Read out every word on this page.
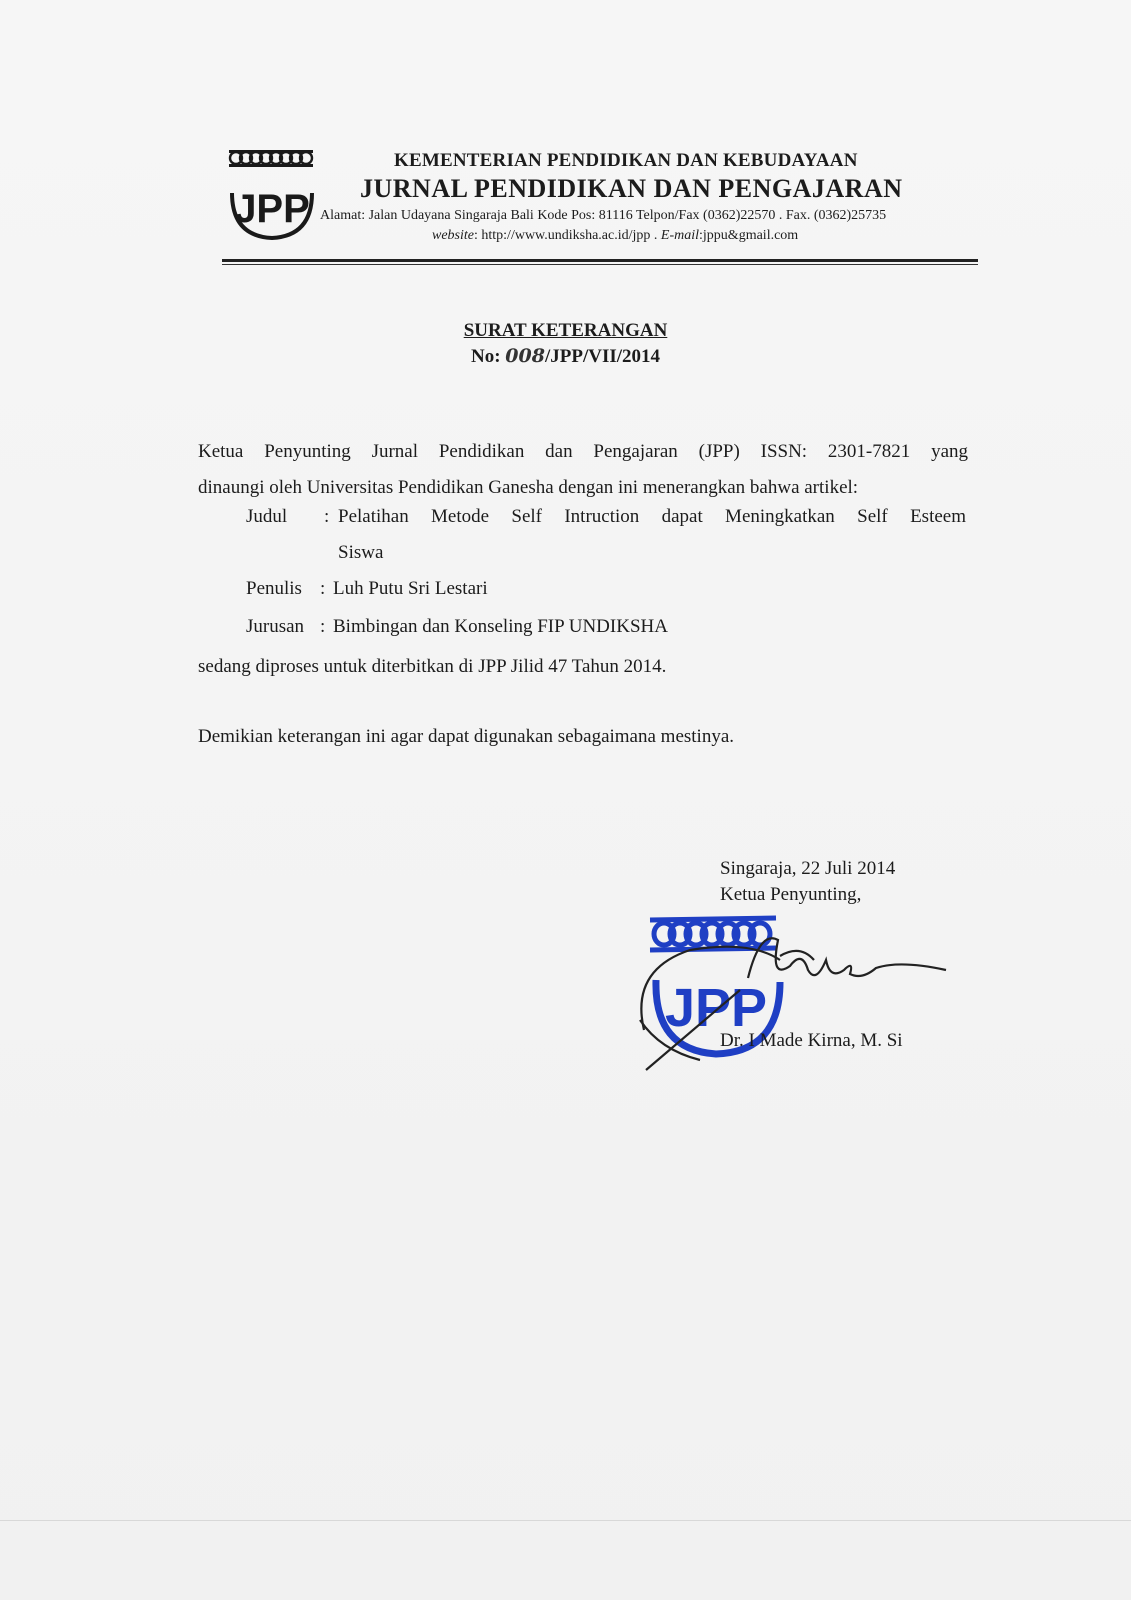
JPP
KEMENTERIAN PENDIDIKAN DAN KEBUDAYAAN
JURNAL PENDIDIKAN DAN PENGAJARAN
Alamat: Jalan Udayana Singaraja Bali Kode Pos: 81116 Telpon/Fax (0362)22570 . Fax. (0362)25735
website: http://www.undiksha.ac.id/jpp . E-mail:jppu&gmail.com
SURAT KETERANGAN
No: 008/JPP/VII/2014
Ketua Penyunting Jurnal Pendidikan dan Pengajaran (JPP) ISSN: 2301-7821 yang
dinaungi oleh Universitas Pendidikan Ganesha dengan ini menerangkan bahwa artikel:
Judul : Pelatihan Metode Self Intruction dapat Meningkatkan Self Esteem
Siswa
Penulis : Luh Putu Sri Lestari
Jurusan : Bimbingan dan Konseling FIP UNDIKSHA
sedang diproses untuk diterbitkan di JPP Jilid 47 Tahun 2014.
Demikian keterangan ini agar dapat digunakan sebagaimana mestinya.
Singaraja, 22 Juli 2014
Ketua Penyunting,
JPP
Dr. I Made Kirna, M. Si
